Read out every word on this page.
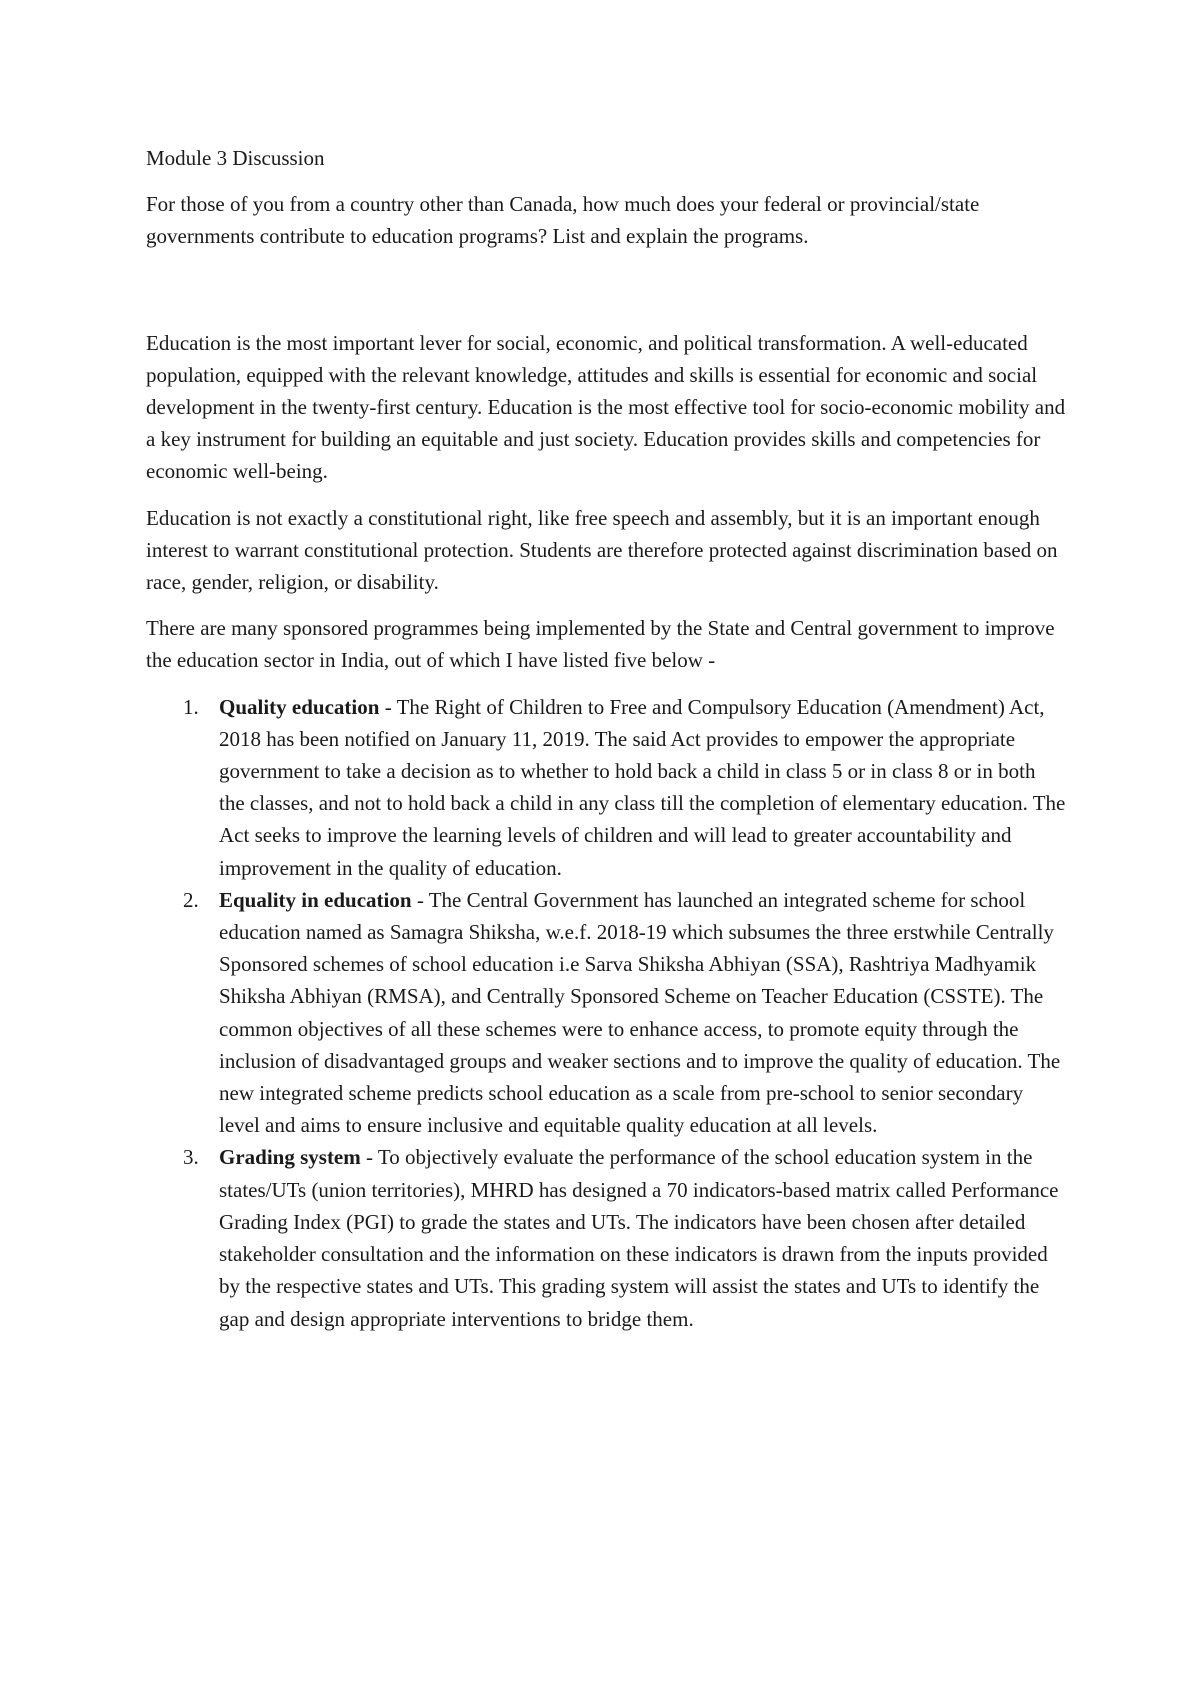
Module 3 Discussion

For those of you from a country other than Canada, how much does your federal or provincial/state governments contribute to education programs? List and explain the programs.

Education is the most important lever for social, economic, and political transformation. A well-educated population, equipped with the relevant knowledge, attitudes and skills is essential for economic and social development in the twenty-first century. Education is the most effective tool for socio-economic mobility and a key instrument for building an equitable and just society. Education provides skills and competencies for economic well-being.

Education is not exactly a constitutional right, like free speech and assembly, but it is an important enough interest to warrant constitutional protection. Students are therefore protected against discrimination based on race, gender, religion, or disability.

There are many sponsored programmes being implemented by the State and Central government to improve the education sector in India, out of which I have listed five below -

Quality education - The Right of Children to Free and Compulsory Education (Amendment) Act, 2018 has been notified on January 11, 2019. The said Act provides to empower the appropriate government to take a decision as to whether to hold back a child in class 5 or in class 8 or in both the classes, and not to hold back a child in any class till the completion of elementary education. The Act seeks to improve the learning levels of children and will lead to greater accountability and improvement in the quality of education.
Equality in education - The Central Government has launched an integrated scheme for school education named as Samagra Shiksha, w.e.f. 2018-19 which subsumes the three erstwhile Centrally Sponsored schemes of school education i.e Sarva Shiksha Abhiyan (SSA), Rashtriya Madhyamik Shiksha Abhiyan (RMSA), and Centrally Sponsored Scheme on Teacher Education (CSSTE). The common objectives of all these schemes were to enhance access, to promote equity through the inclusion of disadvantaged groups and weaker sections and to improve the quality of education. The new integrated scheme predicts school education as a scale from pre-school to senior secondary level and aims to ensure inclusive and equitable quality education at all levels.
Grading system - To objectively evaluate the performance of the school education system in the states/UTs (union territories), MHRD has designed a 70 indicators-based matrix called Performance Grading Index (PGI) to grade the states and UTs. The indicators have been chosen after detailed stakeholder consultation and the information on these indicators is drawn from the inputs provided by the respective states and UTs. This grading system will assist the states and UTs to identify the gap and design appropriate interventions to bridge them.
